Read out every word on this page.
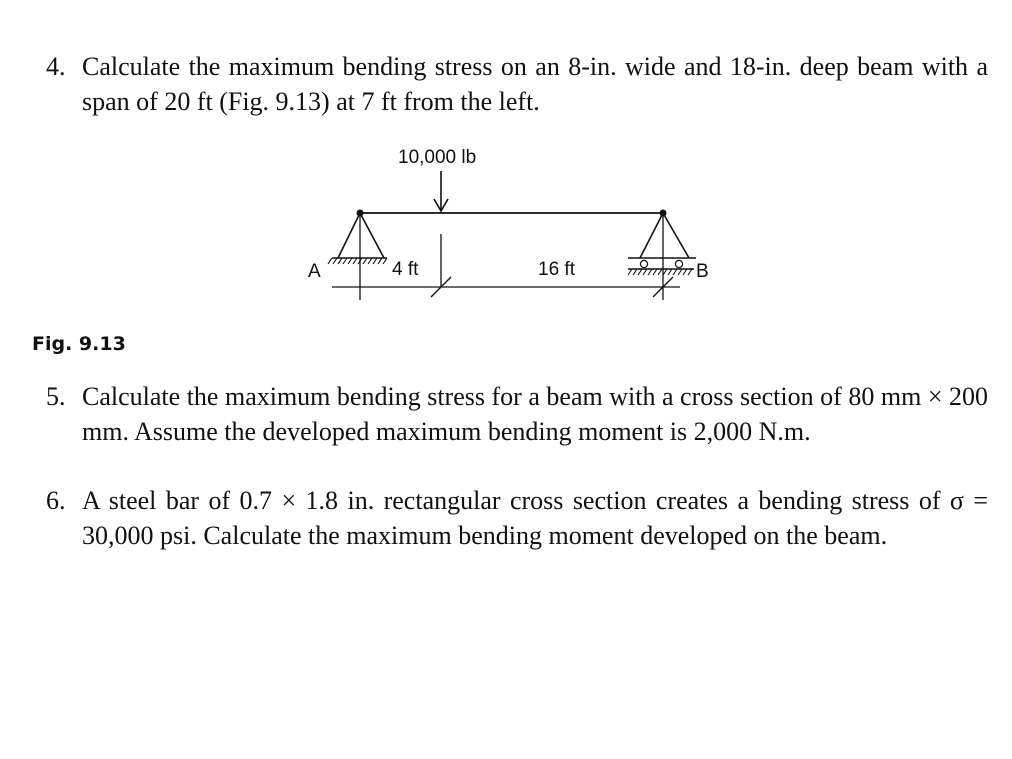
4. Calculate the maximum bending stress on an 8-in. wide and 18-in. deep beam with a span of 20 ft (Fig. 9.13) at 7 ft from the left.
10,000 lb
A	B
4 ft	16 ft
Fig. 9.13
5. Calculate the maximum bending stress for a beam with a cross section of 80 mm × 200 mm. Assume the developed maximum bending moment is 2,000 N.m.
6. A steel bar of 0.7 × 1.8 in. rectangular cross section creates a bending stress of σ = 30,000 psi. Calculate the maximum bending moment developed on the beam.
